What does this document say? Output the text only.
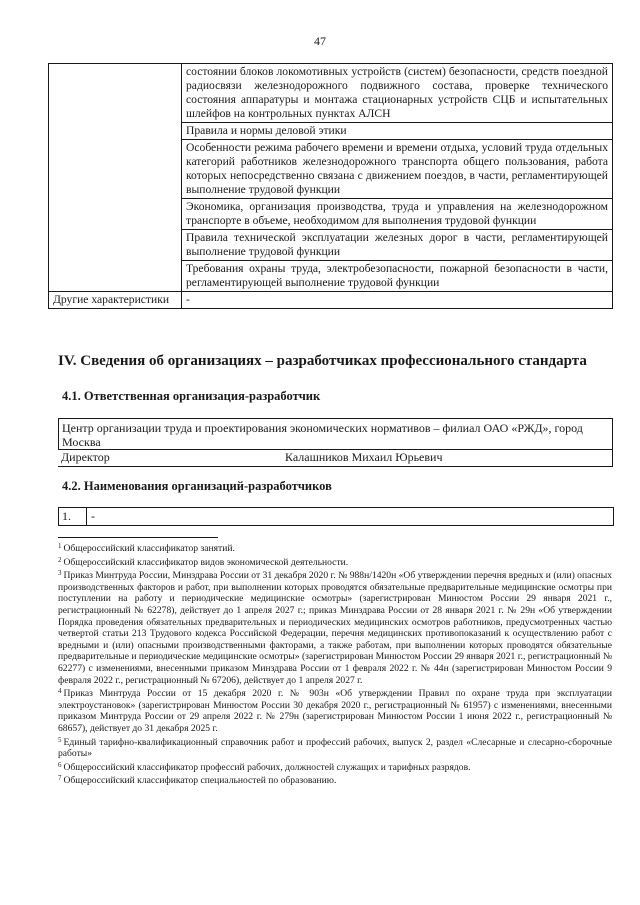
47
	состоянии блоков локомотивных устройств (систем) безопасности, средств поездной радиосвязи железнодорожного подвижного состава, проверке технического состояния аппаратуры и монтажа стационарных устройств СЦБ и испытательных шлейфов на контрольных пунктах АЛСН
	Правила и нормы деловой этики
	Особенности режима рабочего времени и времени отдыха, условий труда отдельных категорий работников железнодорожного транспорта общего пользования, работа которых непосредственно связана с движением поездов, в части, регламентирующей выполнение трудовой функции
	Экономика, организация производства, труда и управления на железнодорожном транспорте в объеме, необходимом для выполнения трудовой функции
	Правила технической эксплуатации железных дорог в части, регламентирующей выполнение трудовой функции
	Требования охраны труда, электробезопасности, пожарной безопасности в части, регламентирующей выполнение трудовой функции
Другие характеристики	-
IV. Сведения об организациях – разработчиках профессионального стандарта
4.1. Ответственная организация-разработчик
Центр организации труда и проектирования экономических нормативов – филиал ОАО «РЖД», город Москва
Директор	Калашников Михаил Юрьевич
4.2. Наименования организаций-разработчиков
1. -

$^1$ Общероссийский классификатор занятий.

$^2$ Общероссийский классификатор видов экономической деятельности.

$^3$ Приказ Минтруда России, Минздрава России от 31 декабря 2020 г. № 988н/1420н «Об утверждении перечня вредных и (или) опасных производственных факторов и работ, при выполнении которых проводятся обязательные предварительные медицинские осмотры при поступлении на работу и периодические медицинские осмотры» (зарегистрирован Минюстом России 29 января 2021 г., регистрационный № 62278), действует до 1 апреля 2027 г.; приказ Минздрава России от 28 января 2021 г. № 29н «Об утверждении Порядка проведения обязательных предварительных и периодических медицинских осмотров работников, предусмотренных частью четвертой статьи 213 Трудового кодекса Российской Федерации, перечня медицинских противопоказаний к осуществлению работ с вредными и (или) опасными производственными факторами, а также работам, при выполнении которых проводятся обязательные предварительные и периодические медицинские осмотры» (зарегистрирован Минюстом России 29 января 2021 г., регистрационный № 62277) с изменениями, внесенными приказом Минздрава России от 1 февраля 2022 г. № 44н (зарегистрирован Минюстом России 9 февраля 2022 г., регистрационный № 67206), действует до 1 апреля 2027 г.

$^4$ Приказ Минтруда России от 15 декабря 2020 г. № 903н «Об утверждении Правил по охране труда при эксплуатации электроустановок» (зарегистрирован Минюстом России 30 декабря 2020 г., регистрационный № 61957) с изменениями, внесенными приказом Минтруда России от 29 апреля 2022 г. № 279н (зарегистрирован Минюстом России 1 июня 2022 г., регистрационный № 68657), действует до 31 декабря 2025 г.

$^5$ Единый тарифно-квалификационный справочник работ и профессий рабочих, выпуск 2, раздел «Слесарные и слесарно-сборочные работы»

$^6$ Общероссийский классификатор профессий рабочих, должностей служащих и тарифных разрядов.

$^7$ Общероссийский классификатор специальностей по образованию.
